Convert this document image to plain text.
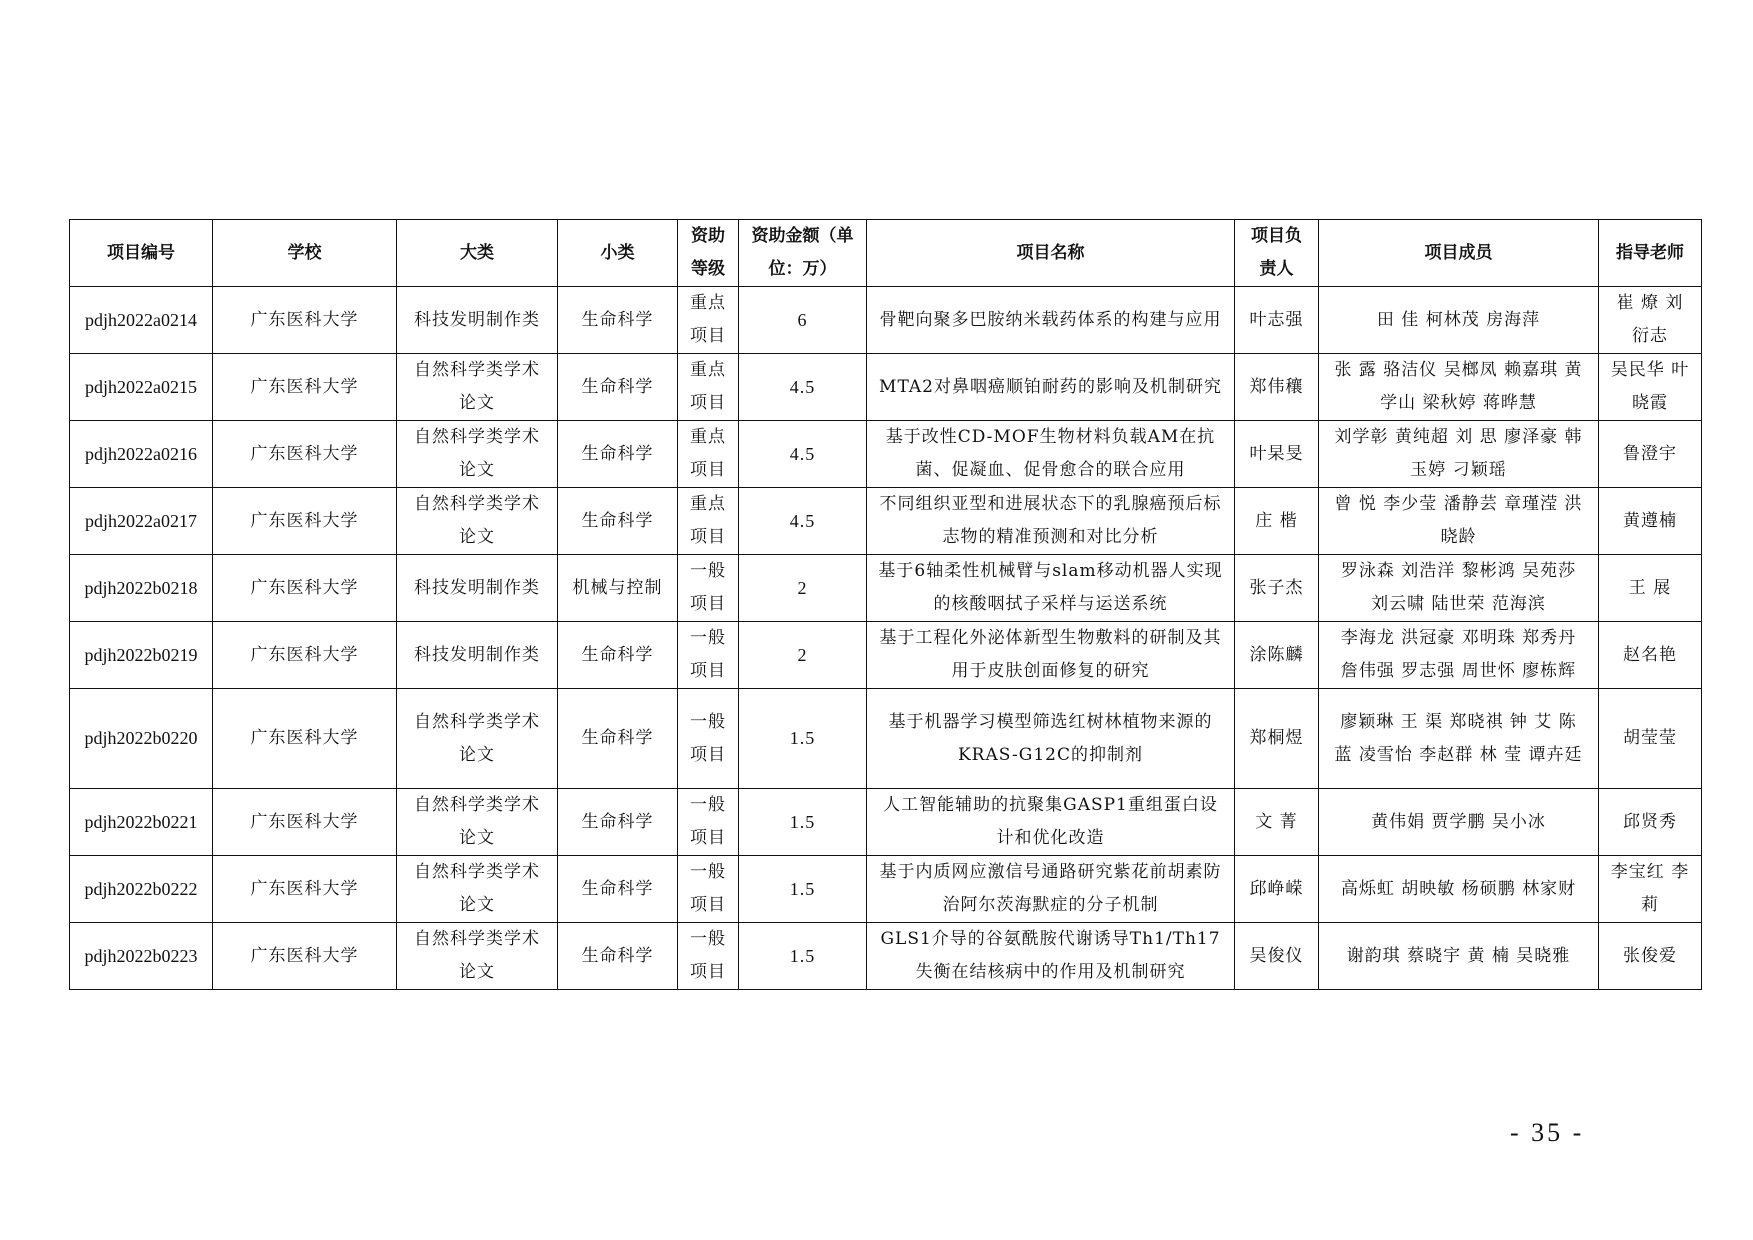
项目编号	学校	大类	小类	资助等级	资助金额（单位：万）	项目名称	项目负责人	项目成员	指导老师
pdjh2022a0214	广东医科大学	科技发明制作类	生命科学	重点项目	6	骨靶向聚多巴胺纳米载药体系的构建与应用	叶志强	田 佳 柯林茂 房海萍	崔 燎 刘衍志
pdjh2022a0215	广东医科大学	自然科学类学术论文	生命科学	重点项目	4.5	MTA2对鼻咽癌顺铂耐药的影响及机制研究	郑伟穰	张 露 骆洁仪 吴榔凤 赖嘉琪 黄学山 梁秋婷 蒋晔慧	吴民华 叶晓霞
pdjh2022a0216	广东医科大学	自然科学类学术论文	生命科学	重点项目	4.5	基于改性CD-MOF生物材料负载AM在抗菌、促凝血、促骨愈合的联合应用	叶杲旻	刘学彰 黄纯超 刘 思 廖泽豪 韩玉婷 刁颖瑶	鲁澄宇
pdjh2022a0217	广东医科大学	自然科学类学术论文	生命科学	重点项目	4.5	不同组织亚型和进展状态下的乳腺癌预后标志物的精准预测和对比分析	庄 楷	曾 悦 李少莹 潘静芸 章瑾滢 洪晓龄	黄遵楠
pdjh2022b0218	广东医科大学	科技发明制作类	机械与控制	一般项目	2	基于6轴柔性机械臂与slam移动机器人实现的核酸咽拭子采样与运送系统	张子杰	罗泳森 刘浩洋 黎彬鸿 吴苑莎 刘云啸 陆世荣 范海滨	王 展
pdjh2022b0219	广东医科大学	科技发明制作类	生命科学	一般项目	2	基于工程化外泌体新型生物敷料的研制及其用于皮肤创面修复的研究	涂陈麟	李海龙 洪冠豪 邓明珠 郑秀丹 詹伟强 罗志强 周世怀 廖栋辉	赵名艳
pdjh2022b0220	广东医科大学	自然科学类学术论文	生命科学	一般项目	1.5	基于机器学习模型筛选红树林植物来源的KRAS-G12C的抑制剂	郑桐煜	廖颖琳 王 渠 郑晓祺 钟 艾 陈 蓝 凌雪怡 李赵群 林 莹 谭卉廷	胡莹莹
pdjh2022b0221	广东医科大学	自然科学类学术论文	生命科学	一般项目	1.5	人工智能辅助的抗聚集GASP1重组蛋白设计和优化改造	文 菁	黄伟娟 贾学鹏 吴小冰	邱贤秀
pdjh2022b0222	广东医科大学	自然科学类学术论文	生命科学	一般项目	1.5	基于内质网应激信号通路研究紫花前胡素防治阿尔茨海默症的分子机制	邱峥嵘	高烁虹 胡映敏 杨硕鹏 林家财	李宝红 李 莉
pdjh2022b0223	广东医科大学	自然科学类学术论文	生命科学	一般项目	1.5	GLS1介导的谷氨酰胺代谢诱导Th1/Th17失衡在结核病中的作用及机制研究	吴俊仪	谢韵琪 蔡晓宇 黄 楠 吴晓雅	张俊爱
- 35 -
